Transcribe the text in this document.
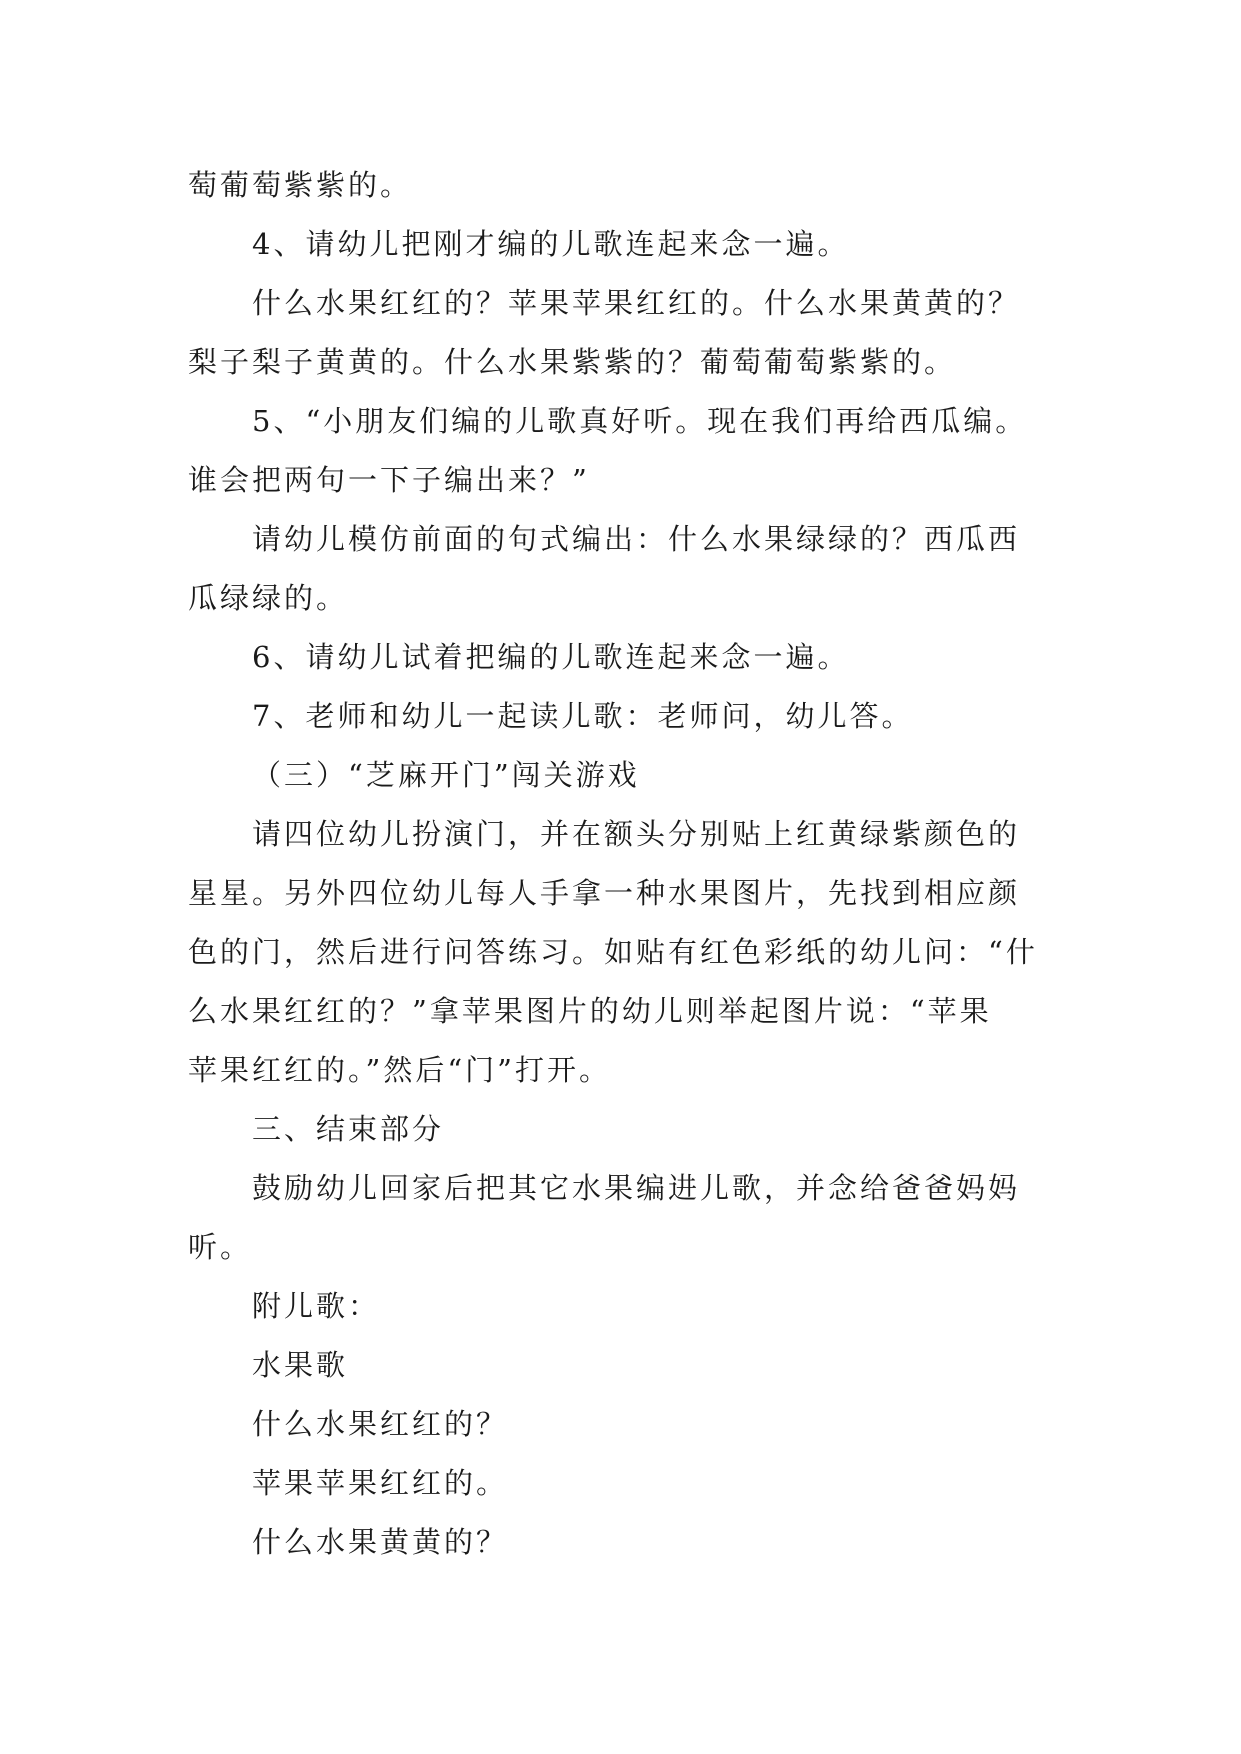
萄葡萄紫紫的。
4、请幼儿把刚才编的儿歌连起来念一遍。
什么水果红红的？苹果苹果红红的。什么水果黄黄的？
梨子梨子黄黄的。什么水果紫紫的？葡萄葡萄紫紫的。
5、“小朋友们编的儿歌真好听。现在我们再给西瓜编。
谁会把两句一下子编出来？”
请幼儿模仿前面的句式编出：什么水果绿绿的？西瓜西
瓜绿绿的。
6、请幼儿试着把编的儿歌连起来念一遍。
7、老师和幼儿一起读儿歌：老师问，幼儿答。
（三）“芝麻开门”闯关游戏
请四位幼儿扮演门，并在额头分别贴上红黄绿紫颜色的
星星。另外四位幼儿每人手拿一种水果图片，先找到相应颜
色的门，然后进行问答练习。如贴有红色彩纸的幼儿问：“什
么水果红红的？”拿苹果图片的幼儿则举起图片说：“苹果
苹果红红的。”然后“门”打开。
三、结束部分
鼓励幼儿回家后把其它水果编进儿歌，并念给爸爸妈妈
听。
附儿歌：
水果歌
什么水果红红的？
苹果苹果红红的。
什么水果黄黄的？
